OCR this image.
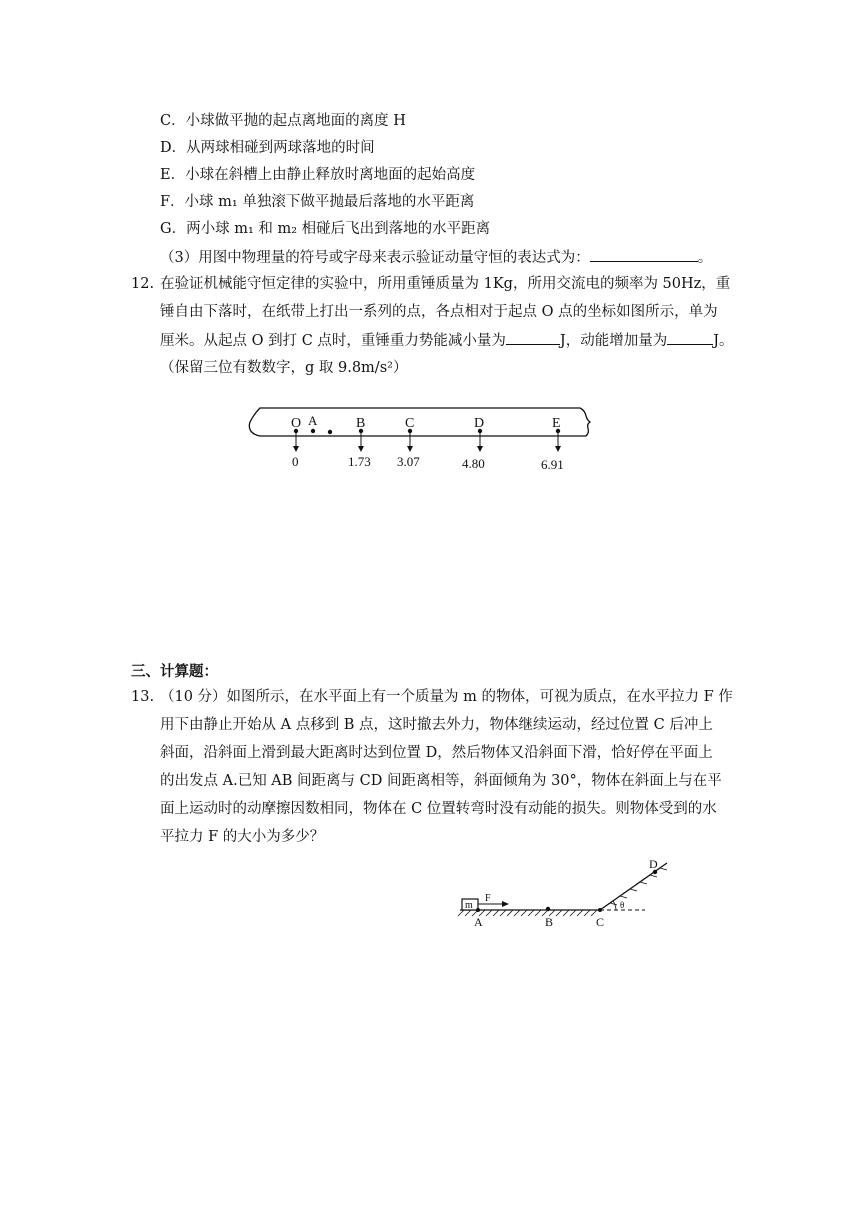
C．小球做平抛的起点离地面的离度 H
D．从两球相碰到两球落地的时间
E．小球在斜槽上由静止释放时离地面的起始高度
F．小球 m₁ 单独滚下做平抛最后落地的水平距离
G．两小球 m₁ 和 m₂ 相碰后飞出到落地的水平距离
（3）用图中物理量的符号或字母来表示验证动量守恒的表达式为：	。
12. 在验证机械能守恒定律的实验中，所用重锤质量为 1Kg，所用交流电的频率为 50Hz，重
锤自由下落时，在纸带上打出一系列的点，各点相对于起点 O 点的坐标如图所示，单为
厘米。从起点 O 到打 C 点时，重锤重力势能减小量为	J，动能增加量为	J。
（保留三位有数数字，g 取 9.8m/s²）
O A	B	C	D	E
0	1.73 3.07	4.80	6.91
三、计算题：
13. （10 分）如图所示，在水平面上有一个质量为 m 的物体，可视为质点，在水平拉力 F 作
用下由静止开始从 A 点移到 B 点，这时撤去外力，物体继续运动，经过位置 C 后冲上
斜面，沿斜面上滑到最大距离时达到位置 D，然后物体又沿斜面下滑，恰好停在平面上
的出发点 A.已知 AB 间距离与 CD 间距离相等，斜面倾角为 30°，物体在斜面上与在平
面上运动时的动摩擦因数相同，物体在 C 位置转弯时没有动能的损失。则物体受到的水
平拉力 F 的大小为多少？
θ
m
F
A	B	C
D
